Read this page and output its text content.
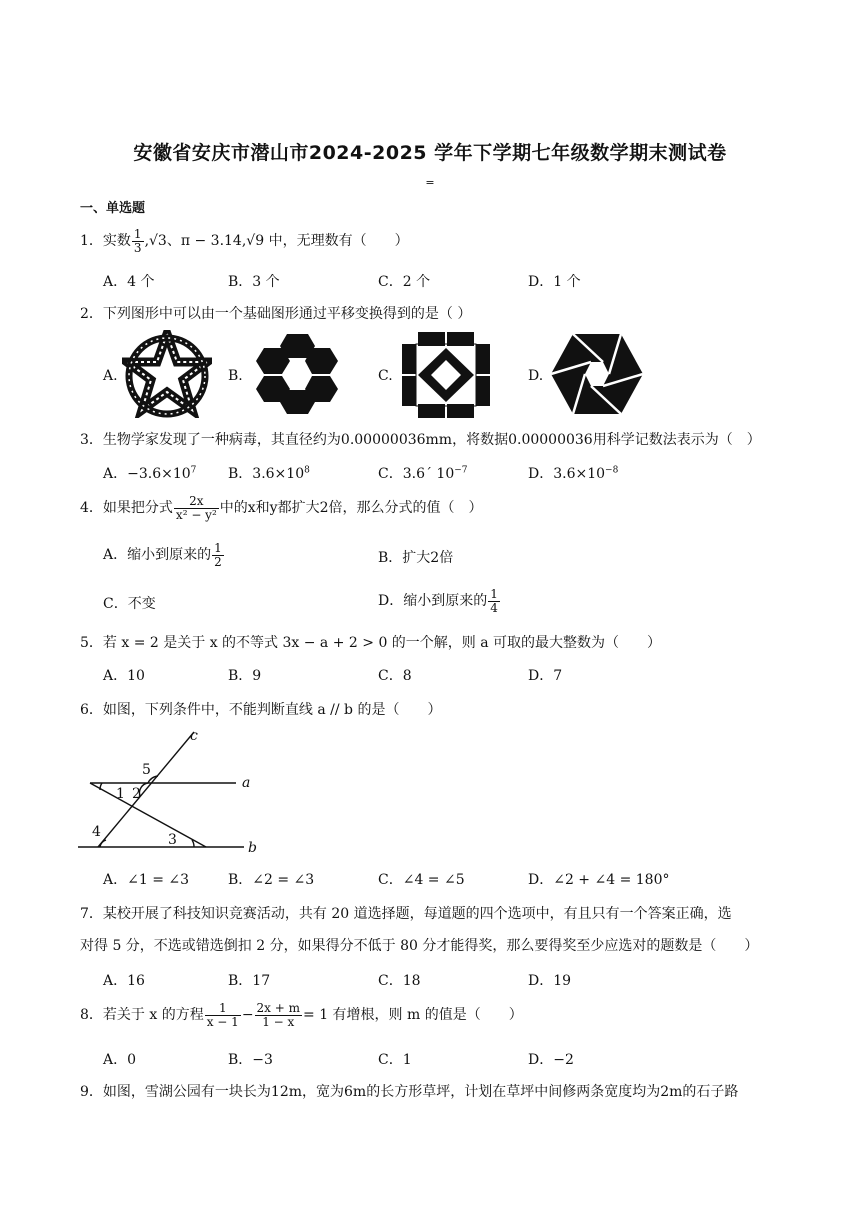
安徽省安庆市潜山市2024-2025 学年下学期七年级数学期末测试卷
=
一、单选题
1．实数 $\frac{1}{3} ,√3$、π − 3.14,√9 中，无理数有（　　）
A．4 个	B．3 个	C．2 个	D．1 个
2．下列图形中可以由一个基础图形通过平移变换得到的是（ ）
A.	B.	C.	D.
3．生物学家发现了一种病毒，其直径约为0.00000036mm，将数据0.00000036用科学记数法表示为（　）
A．$-3.6\times 10^7$ B．$3.6\times 10^8$	C．3.6´ $10^{-7}$	D．$3.6\times 10^{-8}$
4．如果把分式 $\frac{2x}{\text{x² − y²}}$ 中的x和y都扩大2倍，那么分式的值（　）
A．缩小到原来的 $\frac{1}{2}$	B．扩大2倍
C．不变	D．缩小到原来的 $\frac{1}{4}$
5．若 x = 2 是关于 x 的不等式 3x − a + 2 > 0 的一个解，则 a 可取的最大整数为（　　）
A．10	B．9	C．8	D．7
6．如图，下列条件中，不能判断直线 a // b 的是（　　）
c
a
b
1 2
3
4
5
A．∠1 = ∠3	B．∠2 = ∠3	C．∠4 = ∠5	D．∠2 + ∠4 = 180°
7．某校开展了科技知识竞赛活动，共有 20 道选择题，每道题的四个选项中，有且只有一个答案正确，选
对得 5 分，不选或错选倒扣 2 分，如果得分不低于 80 分才能得奖，那么要得奖至少应选对的题数是（　　）
A．16	B．17	C．18	D．19
8．若关于 x 的方程 $\frac{1}{x - 1} - \frac{2x + m}{1 - x} = 1$ 有增根，则 m 的值是（　　）
A．0	B．−3	C．1	D．−2
9．如图，雪湖公园有一块长为12m，宽为6m的长方形草坪，计划在草坪中间修两条宽度均为2m的石子路
